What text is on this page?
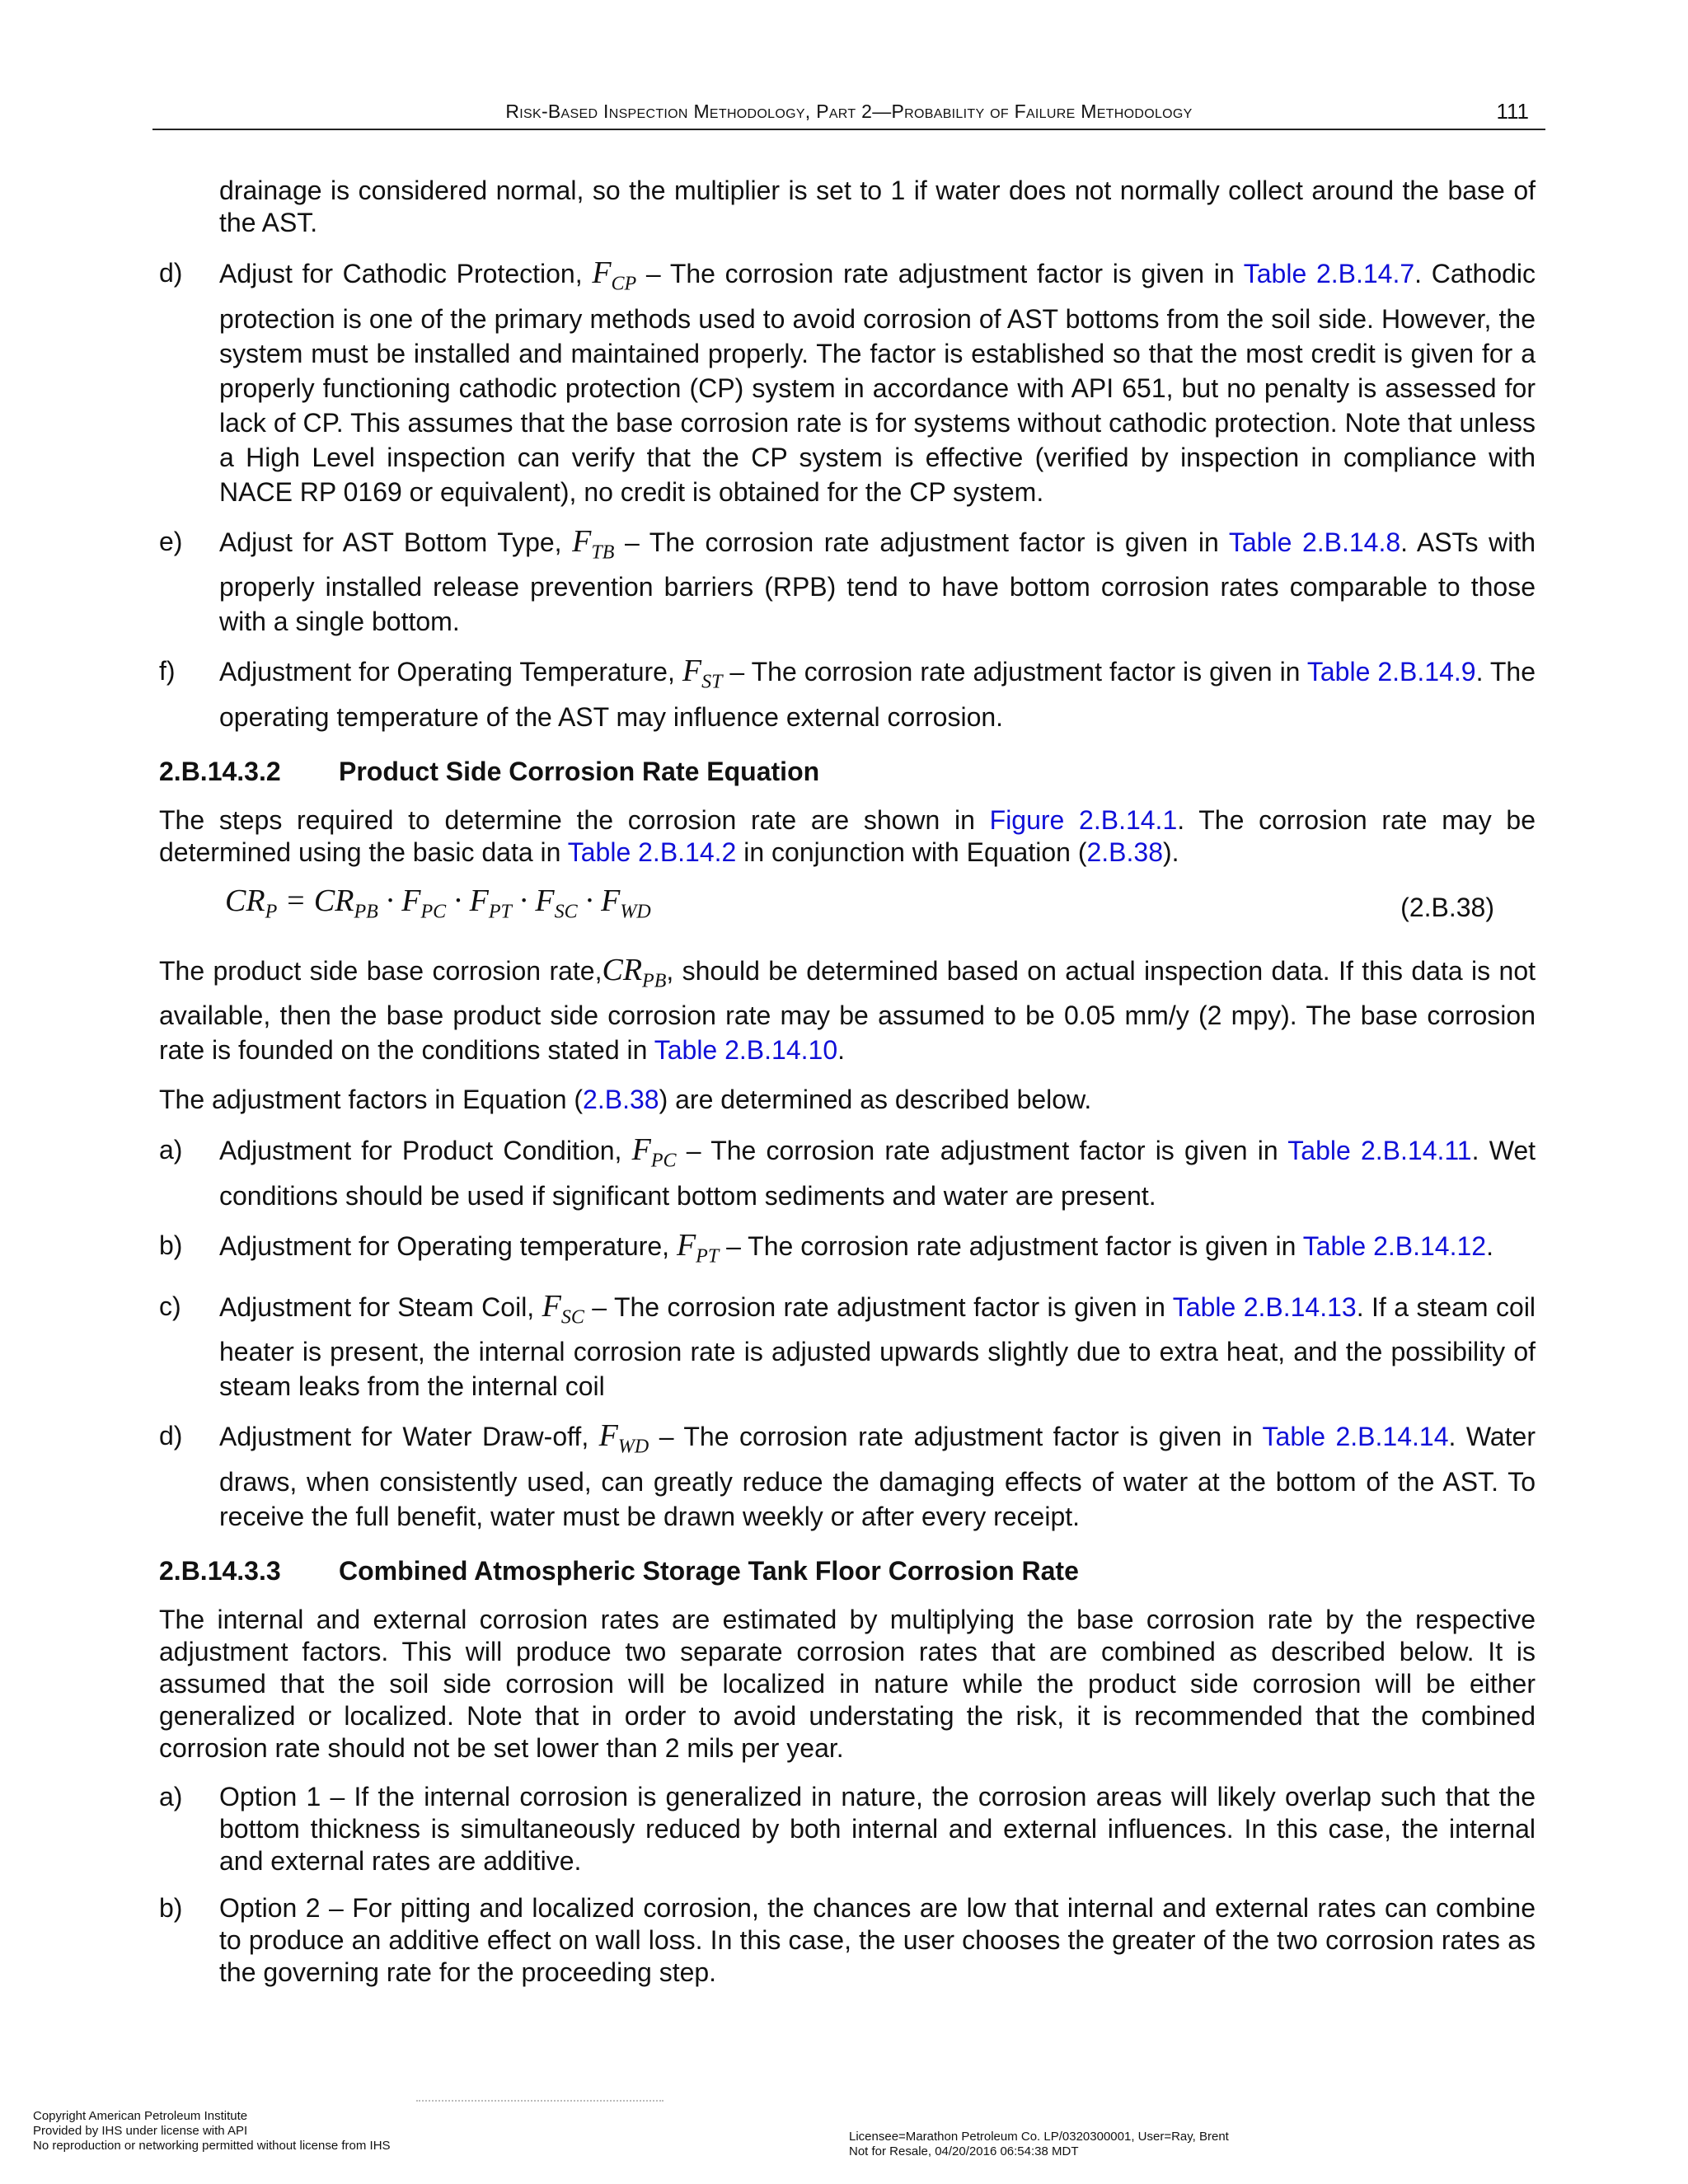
Risk-Based Inspection Methodology, Part 2—Probability of Failure Methodology	111

drainage is considered normal, so the multiplier is set to 1 if water does not normally collect around the base of the AST.

d) Adjust for Cathodic Protection, $F_{CP}$ – The corrosion rate adjustment factor is given in Table 2.B.14.7. Cathodic protection is one of the primary methods used to avoid corrosion of AST bottoms from the soil side. However, the system must be installed and maintained properly. The factor is established so that the most credit is given for a properly functioning cathodic protection (CP) system in accordance with API 651, but no penalty is assessed for lack of CP. This assumes that the base corrosion rate is for systems without cathodic protection. Note that unless a High Level inspection can verify that the CP system is effective (verified by inspection in compliance with NACE RP 0169 or equivalent), no credit is obtained for the CP system.
e) Adjust for AST Bottom Type, $F_{TB}$ – The corrosion rate adjustment factor is given in Table 2.B.14.8. ASTs with properly installed release prevention barriers (RPB) tend to have bottom corrosion rates comparable to those with a single bottom.
f) Adjustment for Operating Temperature, $F_{ST}$ – The corrosion rate adjustment factor is given in Table 2.B.14.9. The operating temperature of the AST may influence external corrosion.
2.B.14.3.2 Product Side Corrosion Rate Equation

The steps required to determine the corrosion rate are shown in Figure 2.B.14.1. The corrosion rate may be determined using the basic data in Table 2.B.14.2 in conjunction with Equation (2.B.38).

$CR_P = CR_{PB} \cdot F_{PC} \cdot F_{PT} \cdot F_{SC} \cdot F_{WD}$	(2.B.38)

The product side base corrosion $rate,CR_{PB}$, should be determined based on actual inspection data. If this data is not available, then the base product side corrosion rate may be assumed to be 0.05 mm/y (2 mpy). The base corrosion rate is founded on the conditions stated in Table 2.B.14.10.

The adjustment factors in Equation (2.B.38) are determined as described below.

a) Adjustment for Product Condition, $F_{PC}$ – The corrosion rate adjustment factor is given in Table 2.B.14.11. Wet conditions should be used if significant bottom sediments and water are present.
b) Adjustment for Operating temperature, $F_{PT}$ – The corrosion rate adjustment factor is given in Table 2.B.14.12.
c) Adjustment for Steam Coil, $F_{SC}$ – The corrosion rate adjustment factor is given in Table 2.B.14.13. If a steam coil heater is present, the internal corrosion rate is adjusted upwards slightly due to extra heat, and the possibility of steam leaks from the internal coil
d) Adjustment for Water Draw-off, $F_{WD}$ – The corrosion rate adjustment factor is given in Table 2.B.14.14. Water draws, when consistently used, can greatly reduce the damaging effects of water at the bottom of the AST. To receive the full benefit, water must be drawn weekly or after every receipt.
2.B.14.3.3 Combined Atmospheric Storage Tank Floor Corrosion Rate

The internal and external corrosion rates are estimated by multiplying the base corrosion rate by the respective adjustment factors. This will produce two separate corrosion rates that are combined as described below. It is assumed that the soil side corrosion will be localized in nature while the product side corrosion will be either generalized or localized. Note that in order to avoid understating the risk, it is recommended that the combined corrosion rate should not be set lower than 2 mils per year.

a) Option 1 – If the internal corrosion is generalized in nature, the corrosion areas will likely overlap such that the bottom thickness is simultaneously reduced by both internal and external influences. In this case, the internal and external rates are additive.
b) Option 2 – For pitting and localized corrosion, the chances are low that internal and external rates can combine to produce an additive effect on wall loss. In this case, the user chooses the greater of the two corrosion rates as the governing rate for the proceeding step.
Copyright American Petroleum Institute
Provided by IHS under license with API
No reproduction or networking permitted without license from IHS
Licensee=Marathon Petroleum Co. LP/0320300001, User=Ray, Brent
Not for Resale, 04/20/2016 06:54:38 MDT
